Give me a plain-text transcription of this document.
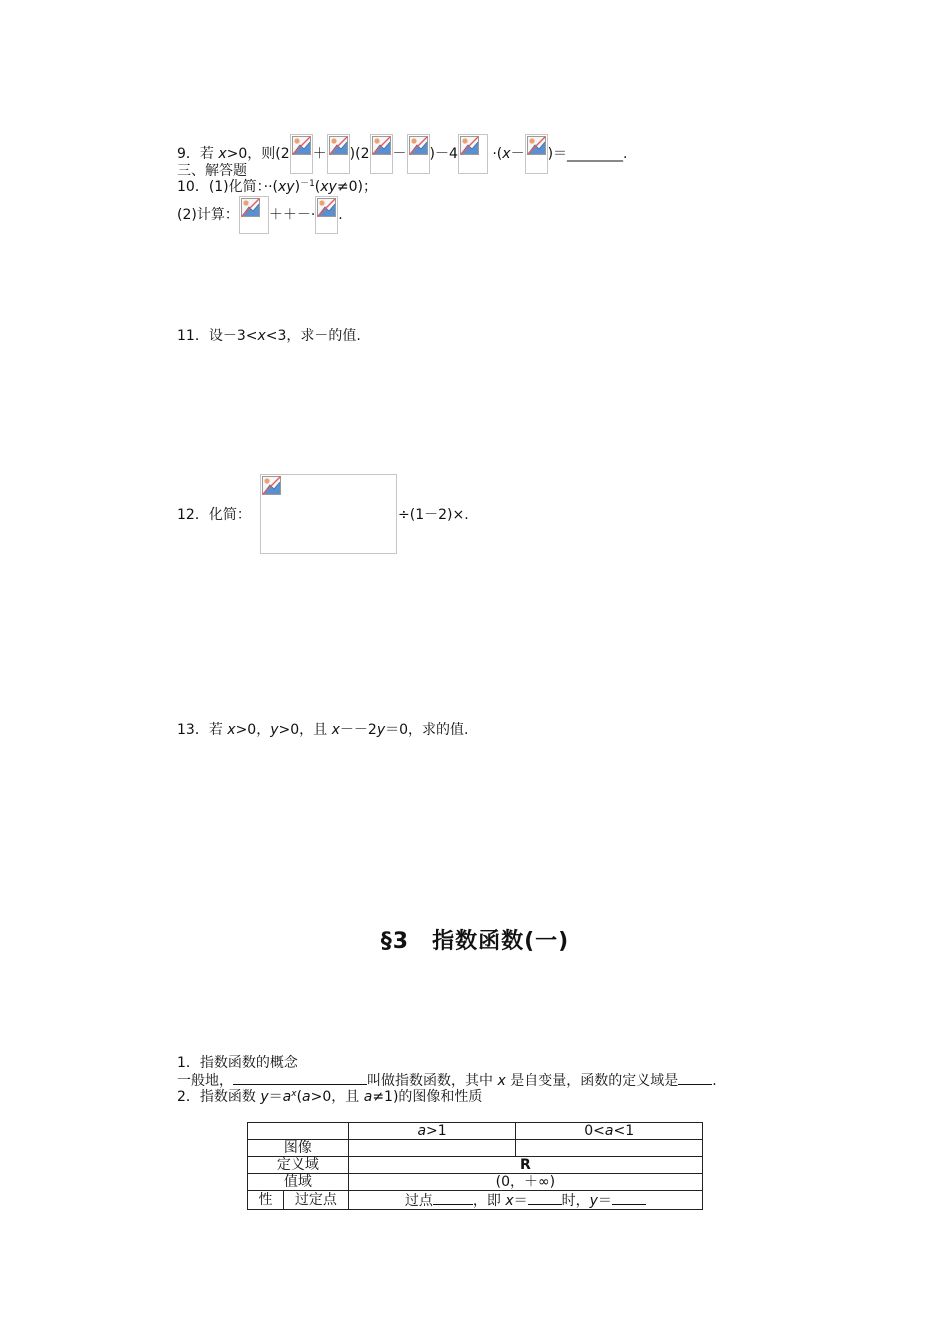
9．若 x>0，则(2 ＋ )(2 － )－4
·(x－ )＝________.
三、解答题
10．(1)化简：··(xy)$^{-1}$(xy≠0)；
(2)计算： ＋＋－· .
11．设－3<x<3，求－的值.
12．化简：	÷(1－2)×.
13．若 x>0，y>0，且 x－－2y＝0，求的值.
§3　指数函数(一)
1．指数函数的概念
一般地，	叫做指数函数，其中 x 是自变量，函数的定义域是 .
2．指数函数 $y=a^x(a>0$，且 a≠1)的图像和性质
		a>1	0<a<1
图像			
定义域		R	
值域		(0，＋∞)	
性	过定点	过点 ，即 x＝ 时，y＝	
